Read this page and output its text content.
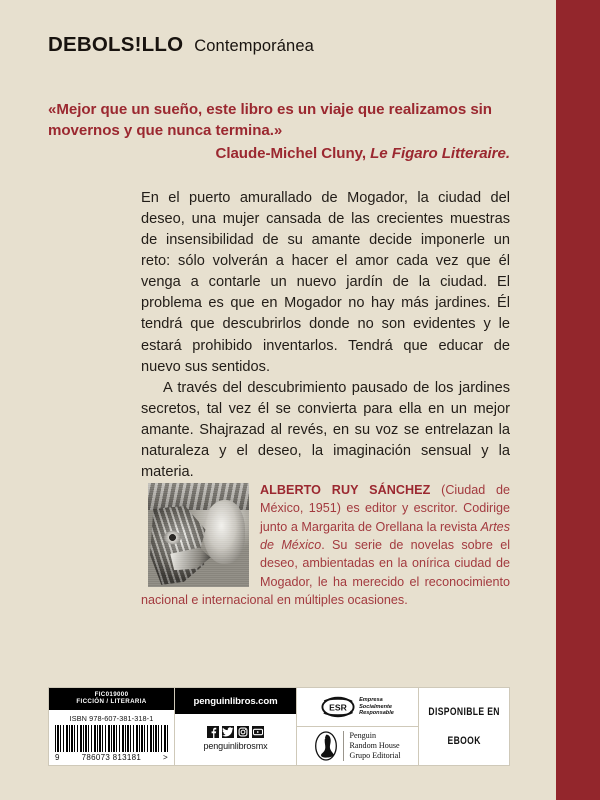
DEBOLS!LLO Contemporánea
«Mejor que un sueño, este libro es un viaje que realizamos sin movernos y que nunca termina.»
Claude-Michel Cluny, Le Figaro Litteraire.

En el puerto amurallado de Mogador, la ciudad del deseo, una mujer cansada de las crecientes muestras de insensibilidad de su amante decide imponerle un reto: sólo volverán a hacer el amor cada vez que él venga a contarle un nuevo jardín de la ciudad. El problema es que en Mogador no hay más jardines. Él tendrá que descubrirlos donde no son evidentes y le estará prohibido inventarlos. Tendrá que educar de nuevo sus sentidos.

A través del descubrimiento pausado de los jardines secretos, tal vez él se convierta para ella en un mejor amante. Shajrazad al revés, en su voz se entrelazan la naturaleza y el deseo, la imaginación sensual y la materia.

ALBERTO RUY SÁNCHEZ (Ciudad de México, 1951) es editor y escritor. Codirige junto a Margarita de Orellana la revista Artes de México. Su serie de novelas sobre el deseo, ambientadas en la onírica ciudad de Mogador, le ha merecido el reconocimiento nacional e internacional en múltiples ocasiones.
FIC019000
FICCIÓN / LITERARIA
ISBN 978-607-381-318-1
9	786073 813181	>
penguinlibros.com
penguinlibrosmx
ESR
Empresa
Socialmente
Responsable
Penguin
Random House
Grupo Editorial
DISPONIBLE EN

EBOOK
